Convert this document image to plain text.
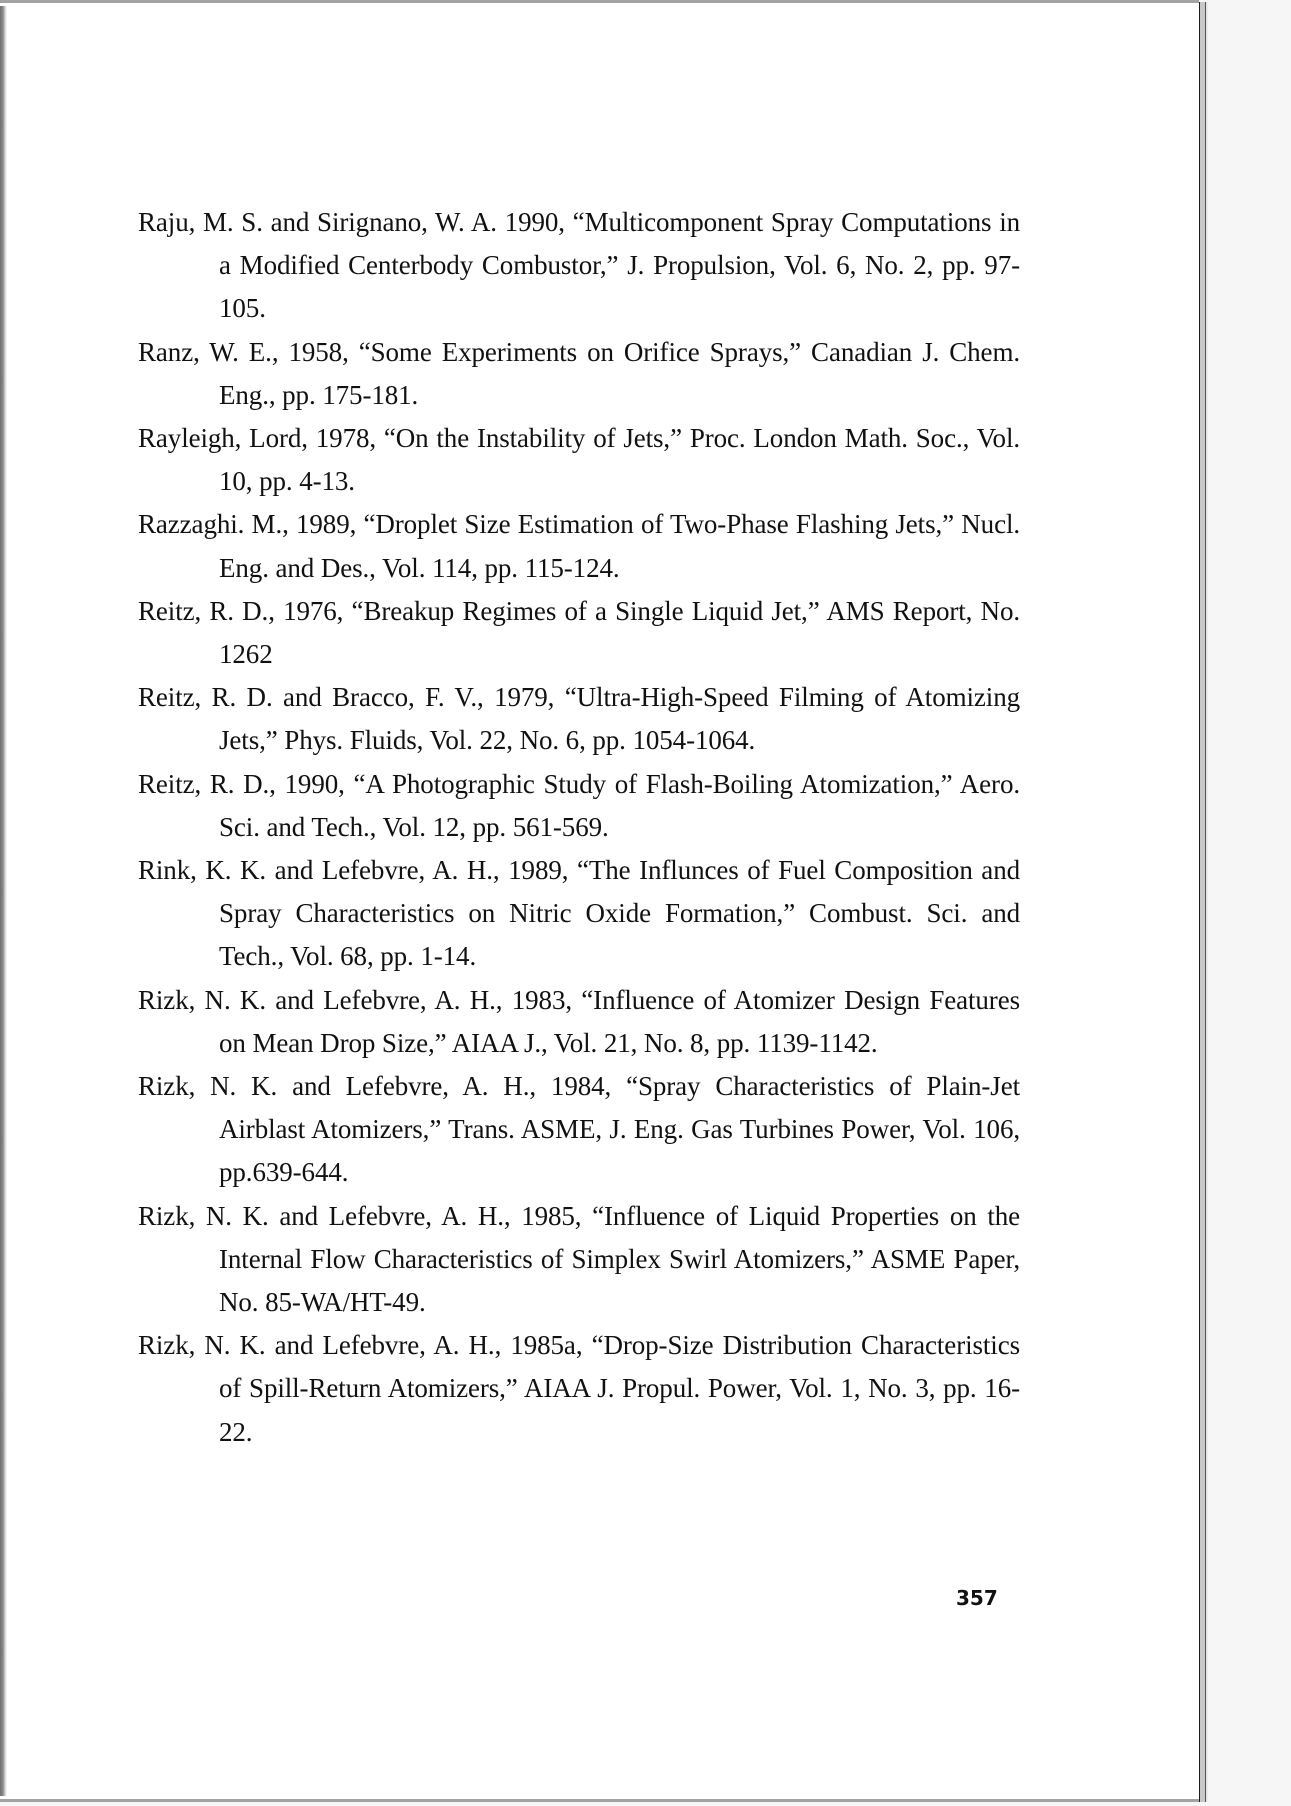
Raju, M. S. and Sirignano, W. A. 1990, “Multicomponent Spray Computations in a Modified Centerbody Combustor,” J. Propulsion, Vol. 6, No. 2, pp. 97-105.
Ranz, W. E., 1958, “Some Experiments on Orifice Sprays,” Canadian J. Chem. Eng., pp. 175-181.
Rayleigh, Lord, 1978, “On the Instability of Jets,” Proc. London Math. Soc., Vol. 10, pp. 4-13.
Razzaghi. M., 1989, “Droplet Size Estimation of Two-Phase Flashing Jets,” Nucl. Eng. and Des., Vol. 114, pp. 115-124.
Reitz, R. D., 1976, “Breakup Regimes of a Single Liquid Jet,” AMS Report, No. 1262
Reitz, R. D. and Bracco, F. V., 1979, “Ultra-High-Speed Filming of Atomizing Jets,” Phys. Fluids, Vol. 22, No. 6, pp. 1054-1064.
Reitz, R. D., 1990, “A Photographic Study of Flash-Boiling Atomization,” Aero. Sci. and Tech., Vol. 12, pp. 561-569.
Rink, K. K. and Lefebvre, A. H., 1989, “The Influnces of Fuel Composition and Spray Characteristics on Nitric Oxide Formation,” Combust. Sci. and Tech., Vol. 68, pp. 1-14.
Rizk, N. K. and Lefebvre, A. H., 1983, “Influence of Atomizer Design Features on Mean Drop Size,” AIAA J., Vol. 21, No. 8, pp. 1139-1142.
Rizk, N. K. and Lefebvre, A. H., 1984, “Spray Characteristics of Plain-Jet Airblast Atomizers,” Trans. ASME, J. Eng. Gas Turbines Power, Vol. 106, pp.639-644.
Rizk, N. K. and Lefebvre, A. H., 1985, “Influence of Liquid Properties on the Internal Flow Characteristics of Simplex Swirl Atomizers,” ASME Paper, No. 85-WA/HT-49.
Rizk, N. K. and Lefebvre, A. H., 1985a, “Drop-Size Distribution Characteristics of Spill-Return Atomizers,” AIAA J. Propul. Power, Vol. 1, No. 3, pp. 16-22.
357
